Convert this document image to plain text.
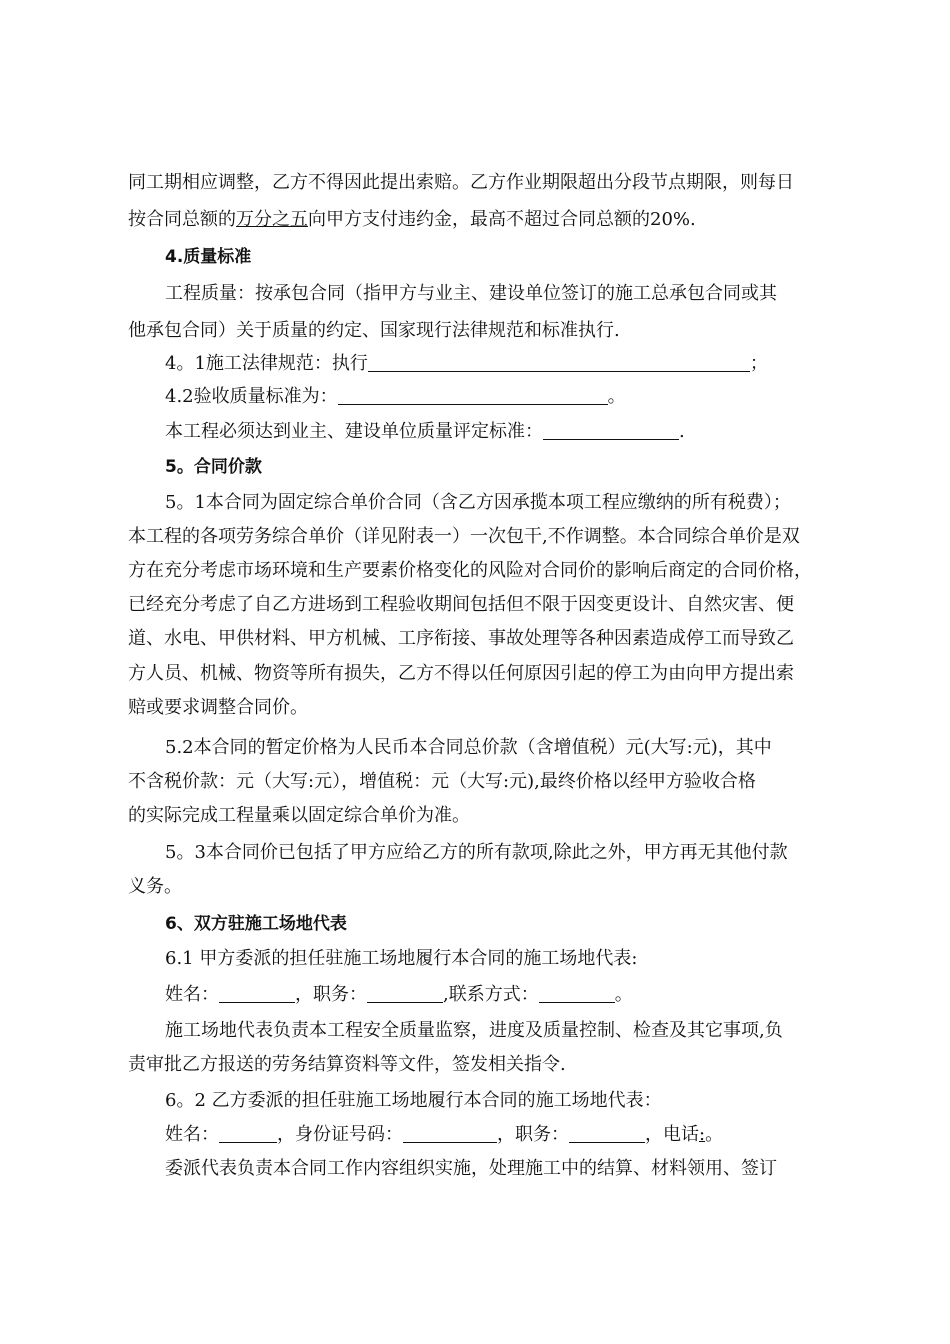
同工期相应调整，乙方不得因此提出索赔。乙方作业期限超出分段节点期限，则每日
按合同总额的万分之五向甲方支付违约金，最高不超过合同总额的20%.
4.质量标准
工程质量：按承包合同（指甲方与业主、建设单位签订的施工总承包合同或其
他承包合同）关于质量的约定、国家现行法律规范和标准执行.
4。1施工法律规范：执行	；
4.2验收质量标准为：	。
本工程必须达到业主、建设单位质量评定标准：	.
5。合同价款
5。1本合同为固定综合单价合同（含乙方因承揽本项工程应缴纳的所有税费）；
本工程的各项劳务综合单价（详见附表一）一次包干,不作调整。本合同综合单价是双
方在充分考虑市场环境和生产要素价格变化的风险对合同价的影响后商定的合同价格，
已经充分考虑了自乙方进场到工程验收期间包括但不限于因变更设计、自然灾害、便
道、水电、甲供材料、甲方机械、工序衔接、事故处理等各种因素造成停工而导致乙
方人员、机械、物资等所有损失，乙方不得以任何原因引起的停工为由向甲方提出索
赔或要求调整合同价。
5.2本合同的暂定价格为人民币本合同总价款（含增值税）元(大写:元)，其中
不含税价款：元（大写:元），增值税：元（大写:元),最终价格以经甲方验收合格
的实际完成工程量乘以固定综合单价为准。
5。3本合同价已包括了甲方应给乙方的所有款项,除此之外，甲方再无其他付款
义务。
6、双方驻施工场地代表
6.1 甲方委派的担任驻施工场地履行本合同的施工场地代表:
姓名：	，职务：	,联系方式：	。
施工场地代表负责本工程安全质量监察，进度及质量控制、检查及其它事项,负
责审批乙方报送的劳务结算资料等文件，签发相关指令.
6。2 乙方委派的担任驻施工场地履行本合同的施工场地代表：
姓名：	，身份证号码：	，职务：	，电话:。
委派代表负责本合同工作内容组织实施，处理施工中的结算、材料领用、签订
